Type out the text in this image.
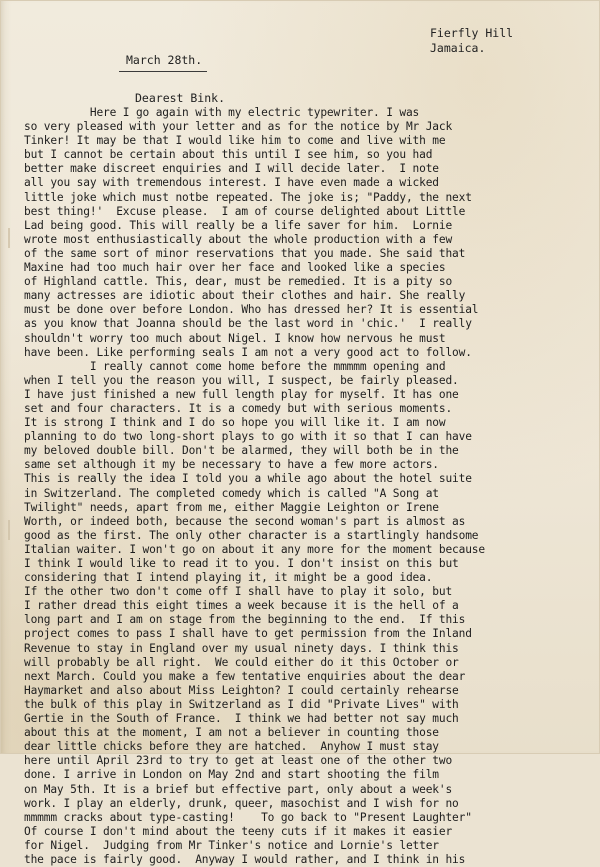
Fierfly Hill
Jamaica.
March 28th.
Dearest Bink.
Here I go again with my electric typewriter. I was
so very pleased with your letter and as for the notice by Mr Jack
Tinker! It may be that I would like him to come and live with me
but I cannot be certain about this until I see him, so you had
better make discreet enquiries and I will decide later.  I note
all you say with tremendous interest. I have even made a wicked
little joke which must notbe repeated. The joke is; "Paddy, the next
best thing!'  Excuse please.  I am of course delighted about Little
Lad being good. This will really be a life saver for him.  Lornie
wrote most enthusiastically about the whole production with a few
of the same sort of minor reservations that you made. She said that
Maxine had too much hair over her face and looked like a species
of Highland cattle. This, dear, must be remedied. It is a pity so
many actresses are idiotic about their clothes and hair. She really
must be done over before London. Who has dressed her? It is essential
as you know that Joanna should be the last word in 'chic.'  I really
shouldn't worry too much about Nigel. I know how nervous he must
have been. Like performing seals I am not a very good act to follow.
I really cannot come home before the mmmmm opening and
when I tell you the reason you will, I suspect, be fairly pleased.
I have just finished a new full length play for myself. It has one
set and four characters. It is a comedy but with serious moments.
It is strong I think and I do so hope you will like it. I am now
planning to do two long-short plays to go with it so that I can have
my beloved double bill. Don't be alarmed, they will both be in the
same set although it my be necessary to have a few more actors.
This is really the idea I told you a while ago about the hotel suite
in Switzerland. The completed comedy which is called "A Song at
Twilight" needs, apart from me, either Maggie Leighton or Irene
Worth, or indeed both, because the second woman's part is almost as
good as the first. The only other character is a startlingly handsome
Italian waiter. I won't go on about it any more for the moment because
I think I would like to read it to you. I don't insist on this but
considering that I intend playing it, it might be a good idea.
If the other two don't come off I shall have to play it solo, but
I rather dread this eight times a week because it is the hell of a
long part and I am on stage from the beginning to the end.  If this
project comes to pass I shall have to get permission from the Inland
Revenue to stay in England over my usual ninety days. I think this
will probably be all right.  We could either do it this October or
next March. Could you make a few tentative enquiries about the dear
Haymarket and also about Miss Leighton? I could certainly rehearse
the bulk of this play in Switzerland as I did "Private Lives" with
Gertie in the South of France.  I think we had better not say much
about this at the moment, I am not a believer in counting those
dear little chicks before they are hatched.  Anyhow I must stay
here until April 23rd to try to get at least one of the other two
done. I arrive in London on May 2nd and start shooting the film
on May 5th. It is a brief but effective part, only about a week's
work. I play an elderly, drunk, queer, masochist and I wish for no
mmmmm cracks about type-casting!    To go back to "Present Laughter"
Of course I don't mind about the teeny cuts if it makes it easier
for Nigel.  Judging from Mr Tinker's notice and Lornie's letter
the pace is fairly good.  Anyway I would rather, and I think in his
